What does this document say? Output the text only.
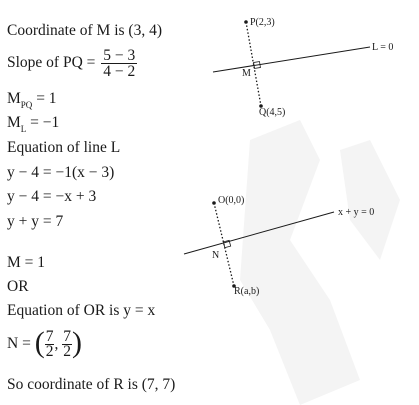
Coordinate of M is (3, 4)
Slope of PQ = $\frac{5 - 3}{4 - 2}$
$M_{PQ} = 1$
$M_L = -1$
Equation of line L
y − 4 = −1(x − 3)
y − 4 = −x + 3
y + y = 7
M = 1
OR
Equation of OR is y = x
N = ( $\frac{7}{2}$ , $\frac{7}{2}$ )
So coordinate of R is (7, 7)
P(2,3)
M
Q(4,5)
L = 0
O(0,0)
N
R(a,b)
x + y = 0
